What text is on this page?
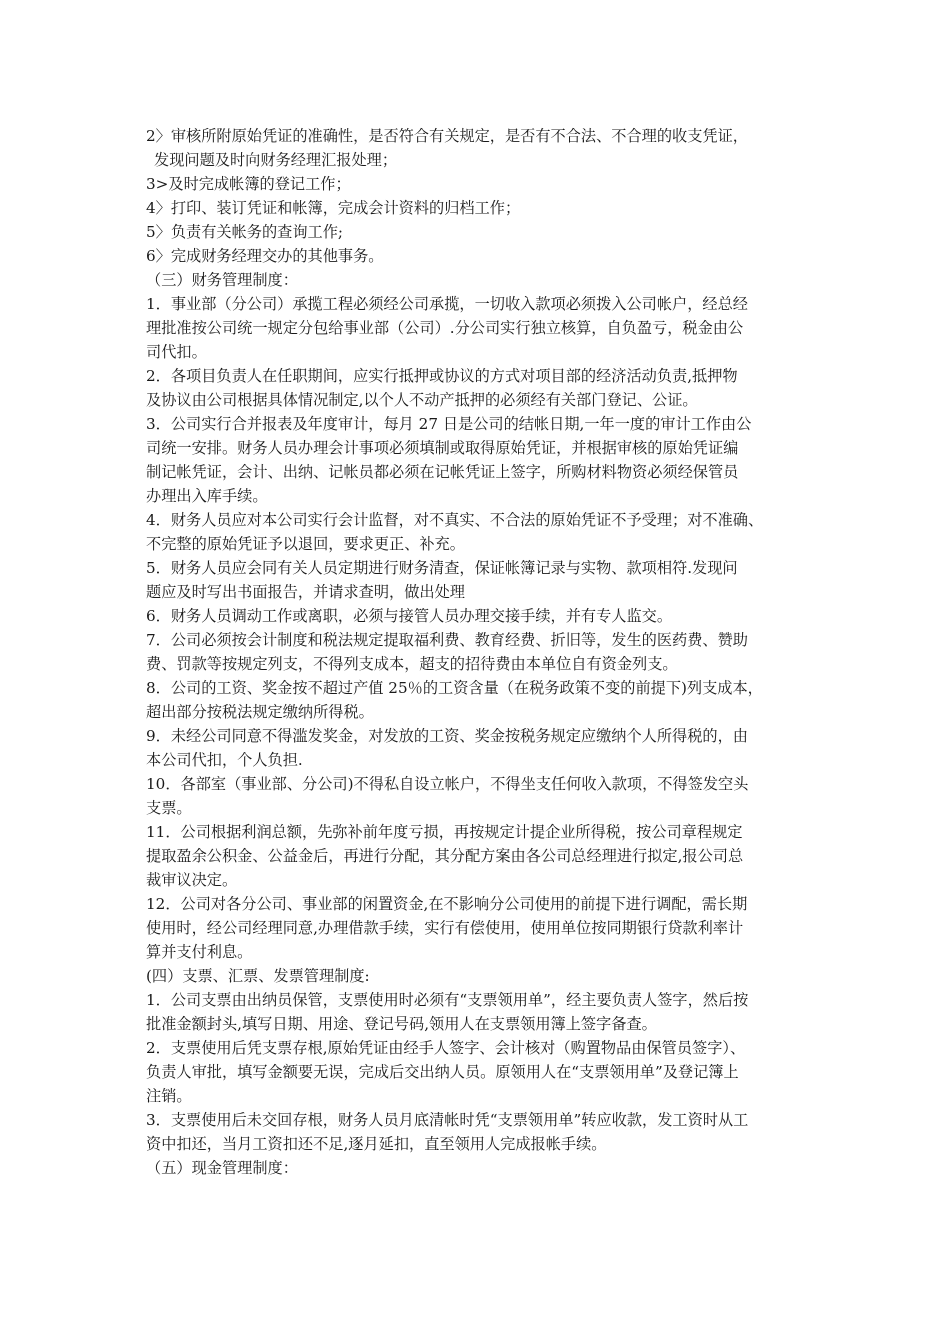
2〉审核所附原始凭证的准确性，是否符合有关规定，是否有不合法、不合理的收支凭证，
发现问题及时向财务经理汇报处理；
3>及时完成帐簿的登记工作；
4〉打印、装订凭证和帐簿，完成会计资料的归档工作；
5〉负责有关帐务的查询工作;
6〉完成财务经理交办的其他事务。
（三）财务管理制度：
1．事业部（分公司）承揽工程必须经公司承揽，一切收入款项必须拨入公司帐户，经总经
理批准按公司统一规定分包给事业部（公司）.分公司实行独立核算，自负盈亏，税金由公
司代扣。
2．各项目负责人在任职期间，应实行抵押或协议的方式对项目部的经济活动负责,抵押物
及协议由公司根据具体情况制定,以个人不动产抵押的必须经有关部门登记、公证。
3．公司实行合并报表及年度审计，每月 27 日是公司的结帐日期,一年一度的审计工作由公
司统一安排。财务人员办理会计事项必须填制或取得原始凭证，并根据审核的原始凭证编
制记帐凭证，会计、出纳、记帐员都必须在记帐凭证上签字，所购材料物资必须经保管员
办理出入库手续。
4．财务人员应对本公司实行会计监督，对不真实、不合法的原始凭证不予受理；对不准确、
不完整的原始凭证予以退回，要求更正、补充。
5．财务人员应会同有关人员定期进行财务清查，保证帐簿记录与实物、款项相符.发现问
题应及时写出书面报告，并请求查明，做出处理
6．财务人员调动工作或离职，必须与接管人员办理交接手续，并有专人监交。
7．公司必须按会计制度和税法规定提取福利费、教育经费、折旧等，发生的医药费、赞助
费、罚款等按规定列支，不得列支成本，超支的招待费由本单位自有资金列支。
8．公司的工资、奖金按不超过产值 25％的工资含量（在税务政策不变的前提下)列支成本，
超出部分按税法规定缴纳所得税。
9．未经公司同意不得滥发奖金，对发放的工资、奖金按税务规定应缴纳个人所得税的，由
本公司代扣，个人负担.
10．各部室（事业部、分公司)不得私自设立帐户，不得坐支任何收入款项，不得签发空头
支票。
11．公司根据利润总额，先弥补前年度亏损，再按规定计提企业所得税，按公司章程规定
提取盈余公积金、公益金后，再进行分配，其分配方案由各公司总经理进行拟定,报公司总
裁审议决定。
12．公司对各分公司、事业部的闲置资金,在不影响分公司使用的前提下进行调配，需长期
使用时，经公司经理同意,办理借款手续，实行有偿使用，使用单位按同期银行贷款利率计
算并支付利息。
(四）支票、汇票、发票管理制度:
1．公司支票由出纳员保管，支票使用时必须有“支票领用单”，经主要负责人签字，然后按
批准金额封头,填写日期、用途、登记号码,领用人在支票领用簿上签字备查。
2．支票使用后凭支票存根,原始凭证由经手人签字、会计核对（购置物品由保管员签字）、
负责人审批，填写金额要无误，完成后交出纳人员。原领用人在“支票领用单”及登记簿上
注销。
3．支票使用后未交回存根，财务人员月底清帐时凭“支票领用单”转应收款，发工资时从工
资中扣还，当月工资扣还不足,逐月延扣，直至领用人完成报帐手续。
（五）现金管理制度：
